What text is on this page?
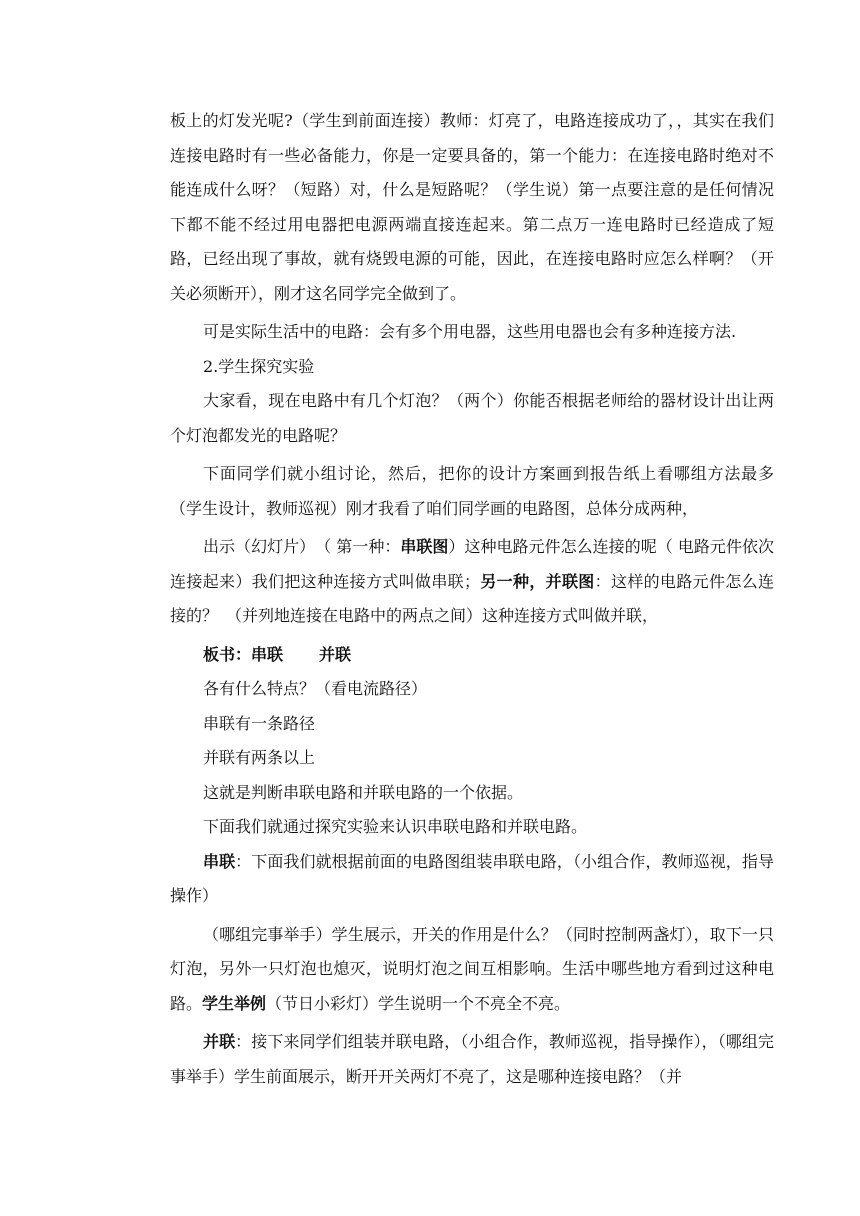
板上的灯发光呢?（学生到前面连接）教师：灯亮了，电路连接成功了，，其实在我们连接电路时有一些必备能力，你是一定要具备的，第一个能力：在连接电路时绝对不能连成什么呀？（短路）对，什么是短路呢？（学生说）第一点要注意的是任何情况下都不能不经过用电器把电源两端直接连起来。第二点万一连电路时已经造成了短路，已经出现了事故，就有烧毁电源的可能，因此，在连接电路时应怎么样啊？（开关必须断开），刚才这名同学完全做到了。

可是实际生活中的电路：会有多个用电器，这些用电器也会有多种连接方法.

2.学生探究实验

大家看，现在电路中有几个灯泡？（两个）你能否根据老师给的器材设计出让两个灯泡都发光的电路呢？

下面同学们就小组讨论，然后，把你的设计方案画到报告纸上看哪组方法最多（学生设计，教师巡视）刚才我看了咱们同学画的电路图，总体分成两种，

出示（幻灯片）　（ 第一种：串联图）这种电路元件怎么连接的呢（ 电路元件依次连接起来）我们把这种连接方式叫做串联；另一种，并联图：这样的电路元件怎么连接的？　（并列地连接在电路中的两点之间）这种连接方式叫做并联，

板书：串联 并联

各有什么特点？（看电流路径）

串联有一条路径

并联有两条以上

这就是判断串联电路和并联电路的一个依据。

下面我们就通过探究实验来认识串联电路和并联电路。

串联：下面我们就根据前面的电路图组装串联电路，（小组合作，教师巡视，指导操作）

（哪组完事举手）学生展示，开关的作用是什么？（同时控制两盏灯），取下一只灯泡，另外一只灯泡也熄灭，说明灯泡之间互相影响。生活中哪些地方看到过这种电路。学生举例（节日小彩灯）学生说明一个不亮全不亮。

并联：接下来同学们组装并联电路，（小组合作，教师巡视，指导操作），（哪组完事举手）学生前面展示，断开开关两灯不亮了，这是哪种连接电路？（并
